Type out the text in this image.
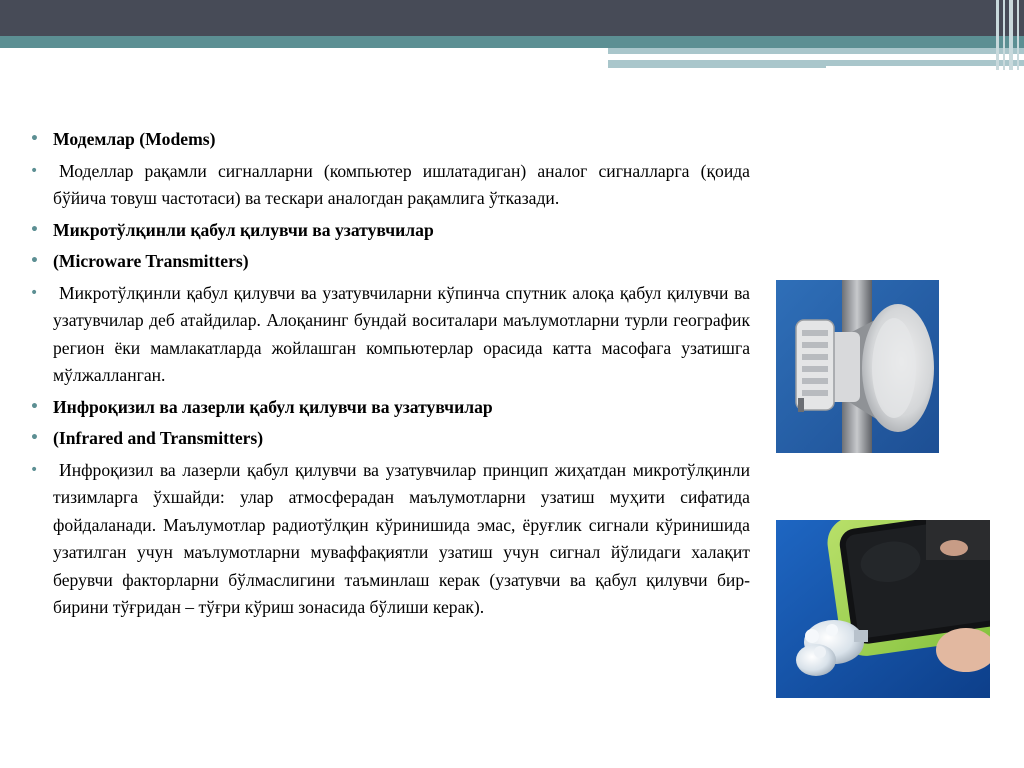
• Модемлар (Modems)
• Моделлар рақамли сигналларни (компьютер ишлатадиган) аналог сигналларга (қоида бўйича товуш частотаси) ва тескари аналогдан рақамлига ўтказади.
• Микротўлқинли қабул қилувчи ва узатувчилар
• (Microware Transmitters)
• Микротўлқинли қабул қилувчи ва узатувчиларни кўпинча спутник алоқа қабул қилувчи ва узатувчилар деб атайдилар. Алоқанинг бундай воситалари маълумотларни турли географик регион ёки мамлакатларда жойлашган компьютерлар орасида катта масофага узатишга мўлжалланган.
• Инфроқизил ва лазерли қабул қилувчи ва узатувчилар
• (Infrared and Transmitters)
• Инфроқизил ва лазерли қабул қилувчи ва узатувчилар принцип жиҳатдан микротўлқинли тизимларга ўхшайди: улар атмосферадан маълумотларни узатиш муҳити сифатида фойдаланади. Маълумотлар радиотўлқин кўринишида эмас, ёруғлик сигнали кўринишида узатилган учун маълумотларни муваффақиятли узатиш учун сигнал йўлидаги халақит берувчи факторларни бўлмаслигини таъминлаш керак (узатувчи ва қабул қилувчи бир-бирини тўғридан – тўғри кўриш зонасида бўлиши керак).
